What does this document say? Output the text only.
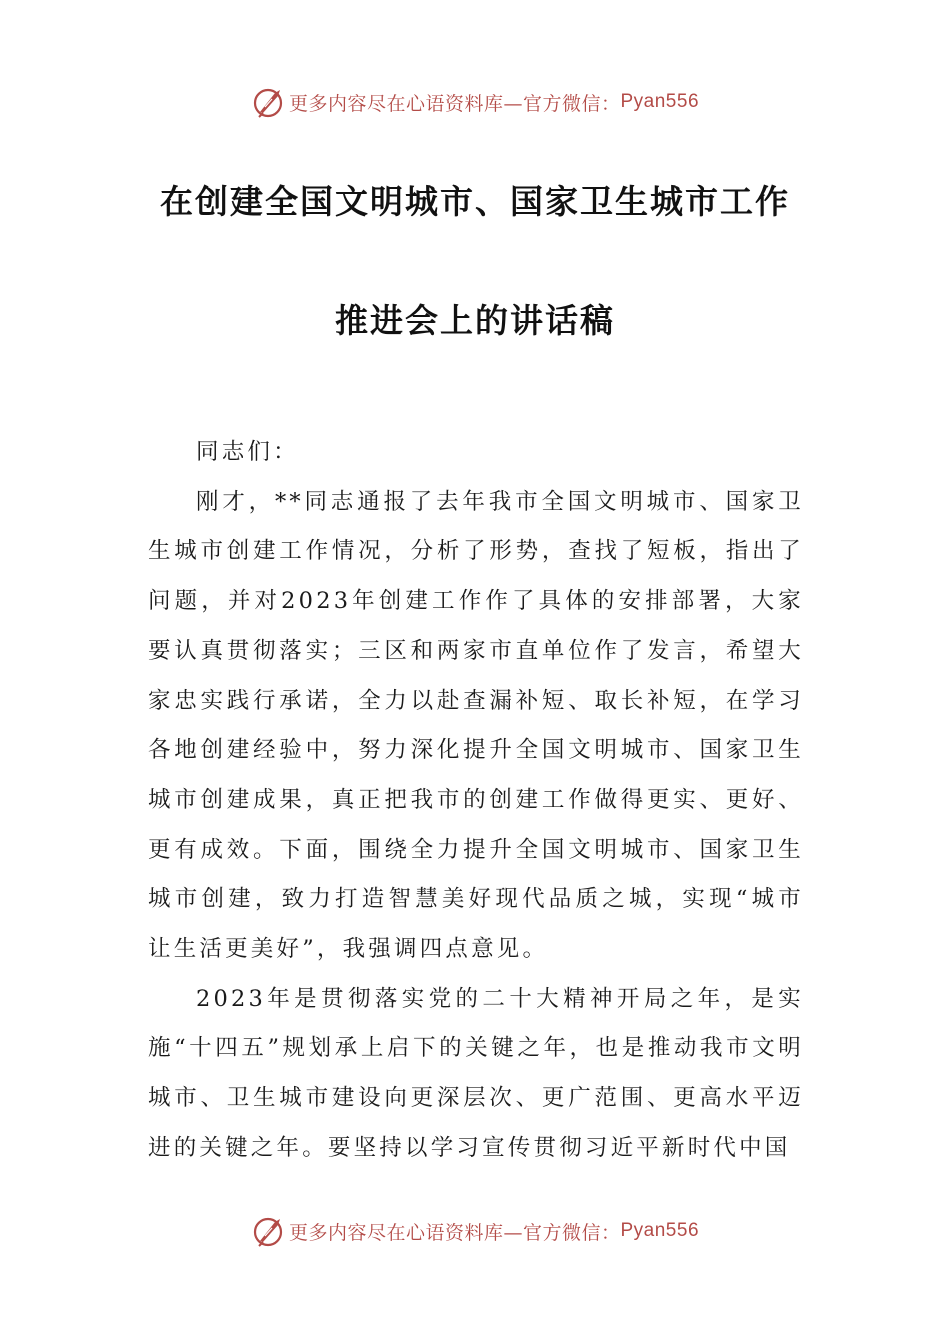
更多内容尽在心语资料库—官方微信： Pyan556
在创建全国文明城市、国家卫生城市工作
推进会上的讲话稿

同志们：

刚才，**同志通报了去年我市全国文明城市、国家卫生城市创建工作情况，分析了形势，查找了短板，指出了问题，并对2023年创建工作作了具体的安排部署，大家要认真贯彻落实；三区和两家市直单位作了发言，希望大家忠实践行承诺，全力以赴查漏补短、取长补短，在学习各地创建经验中，努力深化提升全国文明城市、国家卫生城市创建成果，真正把我市的创建工作做得更实、更好、更有成效。下面，围绕全力提升全国文明城市、国家卫生城市创建，致力打造智慧美好现代品质之城，实现“城市让生活更美好”，我强调四点意见。

2023年是贯彻落实党的二十大精神开局之年，是实施“十四五”规划承上启下的关键之年，也是推动我市文明城市、卫生城市建设向更深层次、更广范围、更高水平迈进的关键之年。要坚持以学习宣传贯彻习近平新时代中国

更多内容尽在心语资料库—官方微信： Pyan556
